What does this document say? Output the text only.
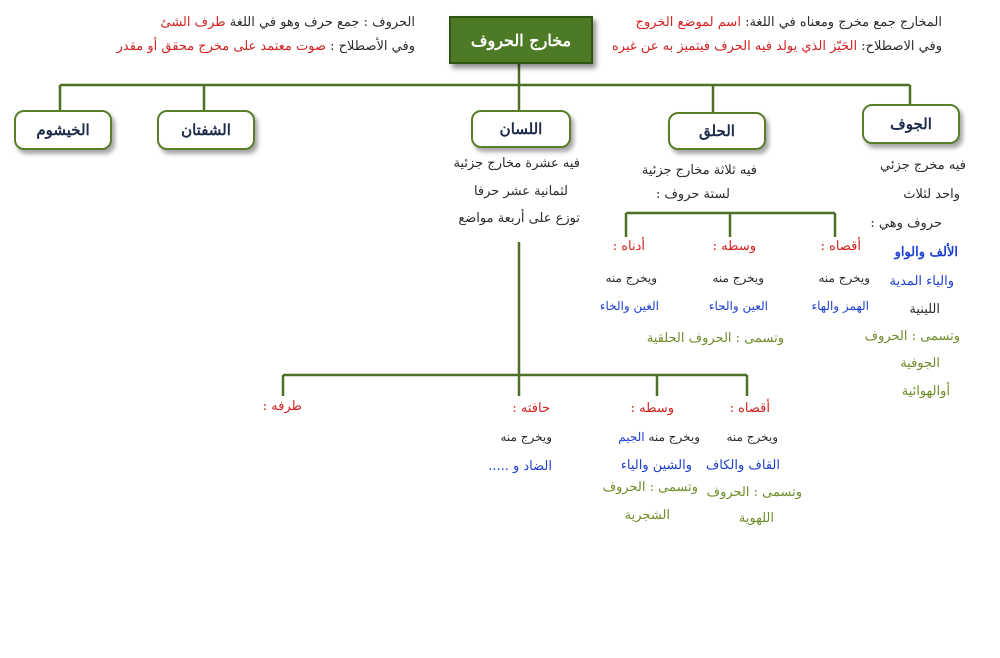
المخارج جمع مخرج ومعناه في اللغة: اسم لموضع الخروج
وفي الاصطلاح: الحَيّز الذي يولد فيه الحرف فيتميز به عن غيره
الحروف : جمع حرف وهو في اللغة طرف الشئ
وفي الأصطلاح : صوت معتمد على مخرج محقق أو مقدر	مخارج الحروف
الجوف
الحلق
اللسان
الشفتان
الخيشوم
فيه مخرج جزئي
واحد لثلاث
حروف وهي :
الألف والواو
والياء المدية
اللينية
وتسمى : الحروف
الجوفية
أوالهوائية
فيه ثلاثة مخارج جزئية
لستة حروف :
أقصاه :
ويخرج منه
الهمز والهاء
وسطه :
ويخرج منه
العين والحاء
أدناه :
ويخرج منه
الغين والخاء
وتسمى : الحروف الحلقية
فيه عشرة مخارج جزئية
لثمانية عشر حرفا
توزع على أربعة مواضع
أقصاه :
ويخرج منه
القاف والكاف
وتسمى : الحروف
اللهوية
وسطه :
ويخرج منه الجيم
والشين والياء
وتسمى : الحروف
الشجرية
حافته :
ويخرج منه
الضاد و .....
طرفه :
